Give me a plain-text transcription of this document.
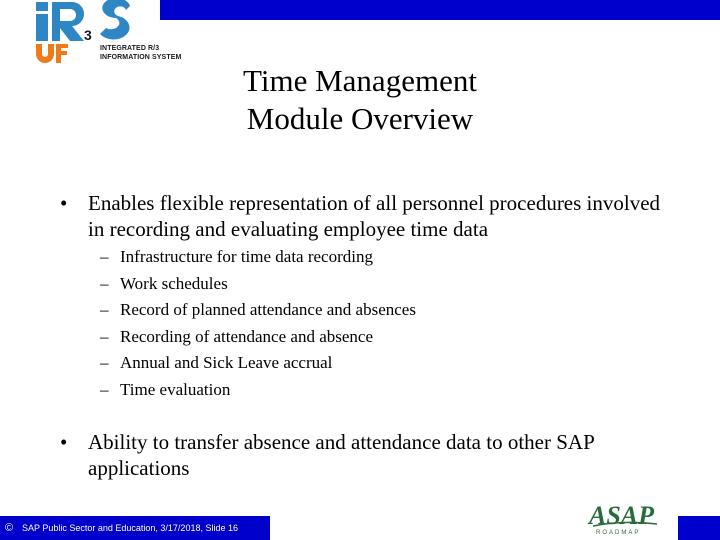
3
INTEGRATED R/3
INFORMATION SYSTEM
Time Management
Module Overview
• Enables flexible representation of all personnel procedures involved in recording and evaluating employee time data
– Infrastructure for time data recording
– Work schedules
– Record of planned attendance and absences
– Recording of attendance and absence
– Annual and Sick Leave accrual
– Time evaluation
• Ability to transfer absence and attendance data to other SAP applications
© SAP Public Sector and Education, 3/17/2018, Slide 16	ASAP
ROADMAP
